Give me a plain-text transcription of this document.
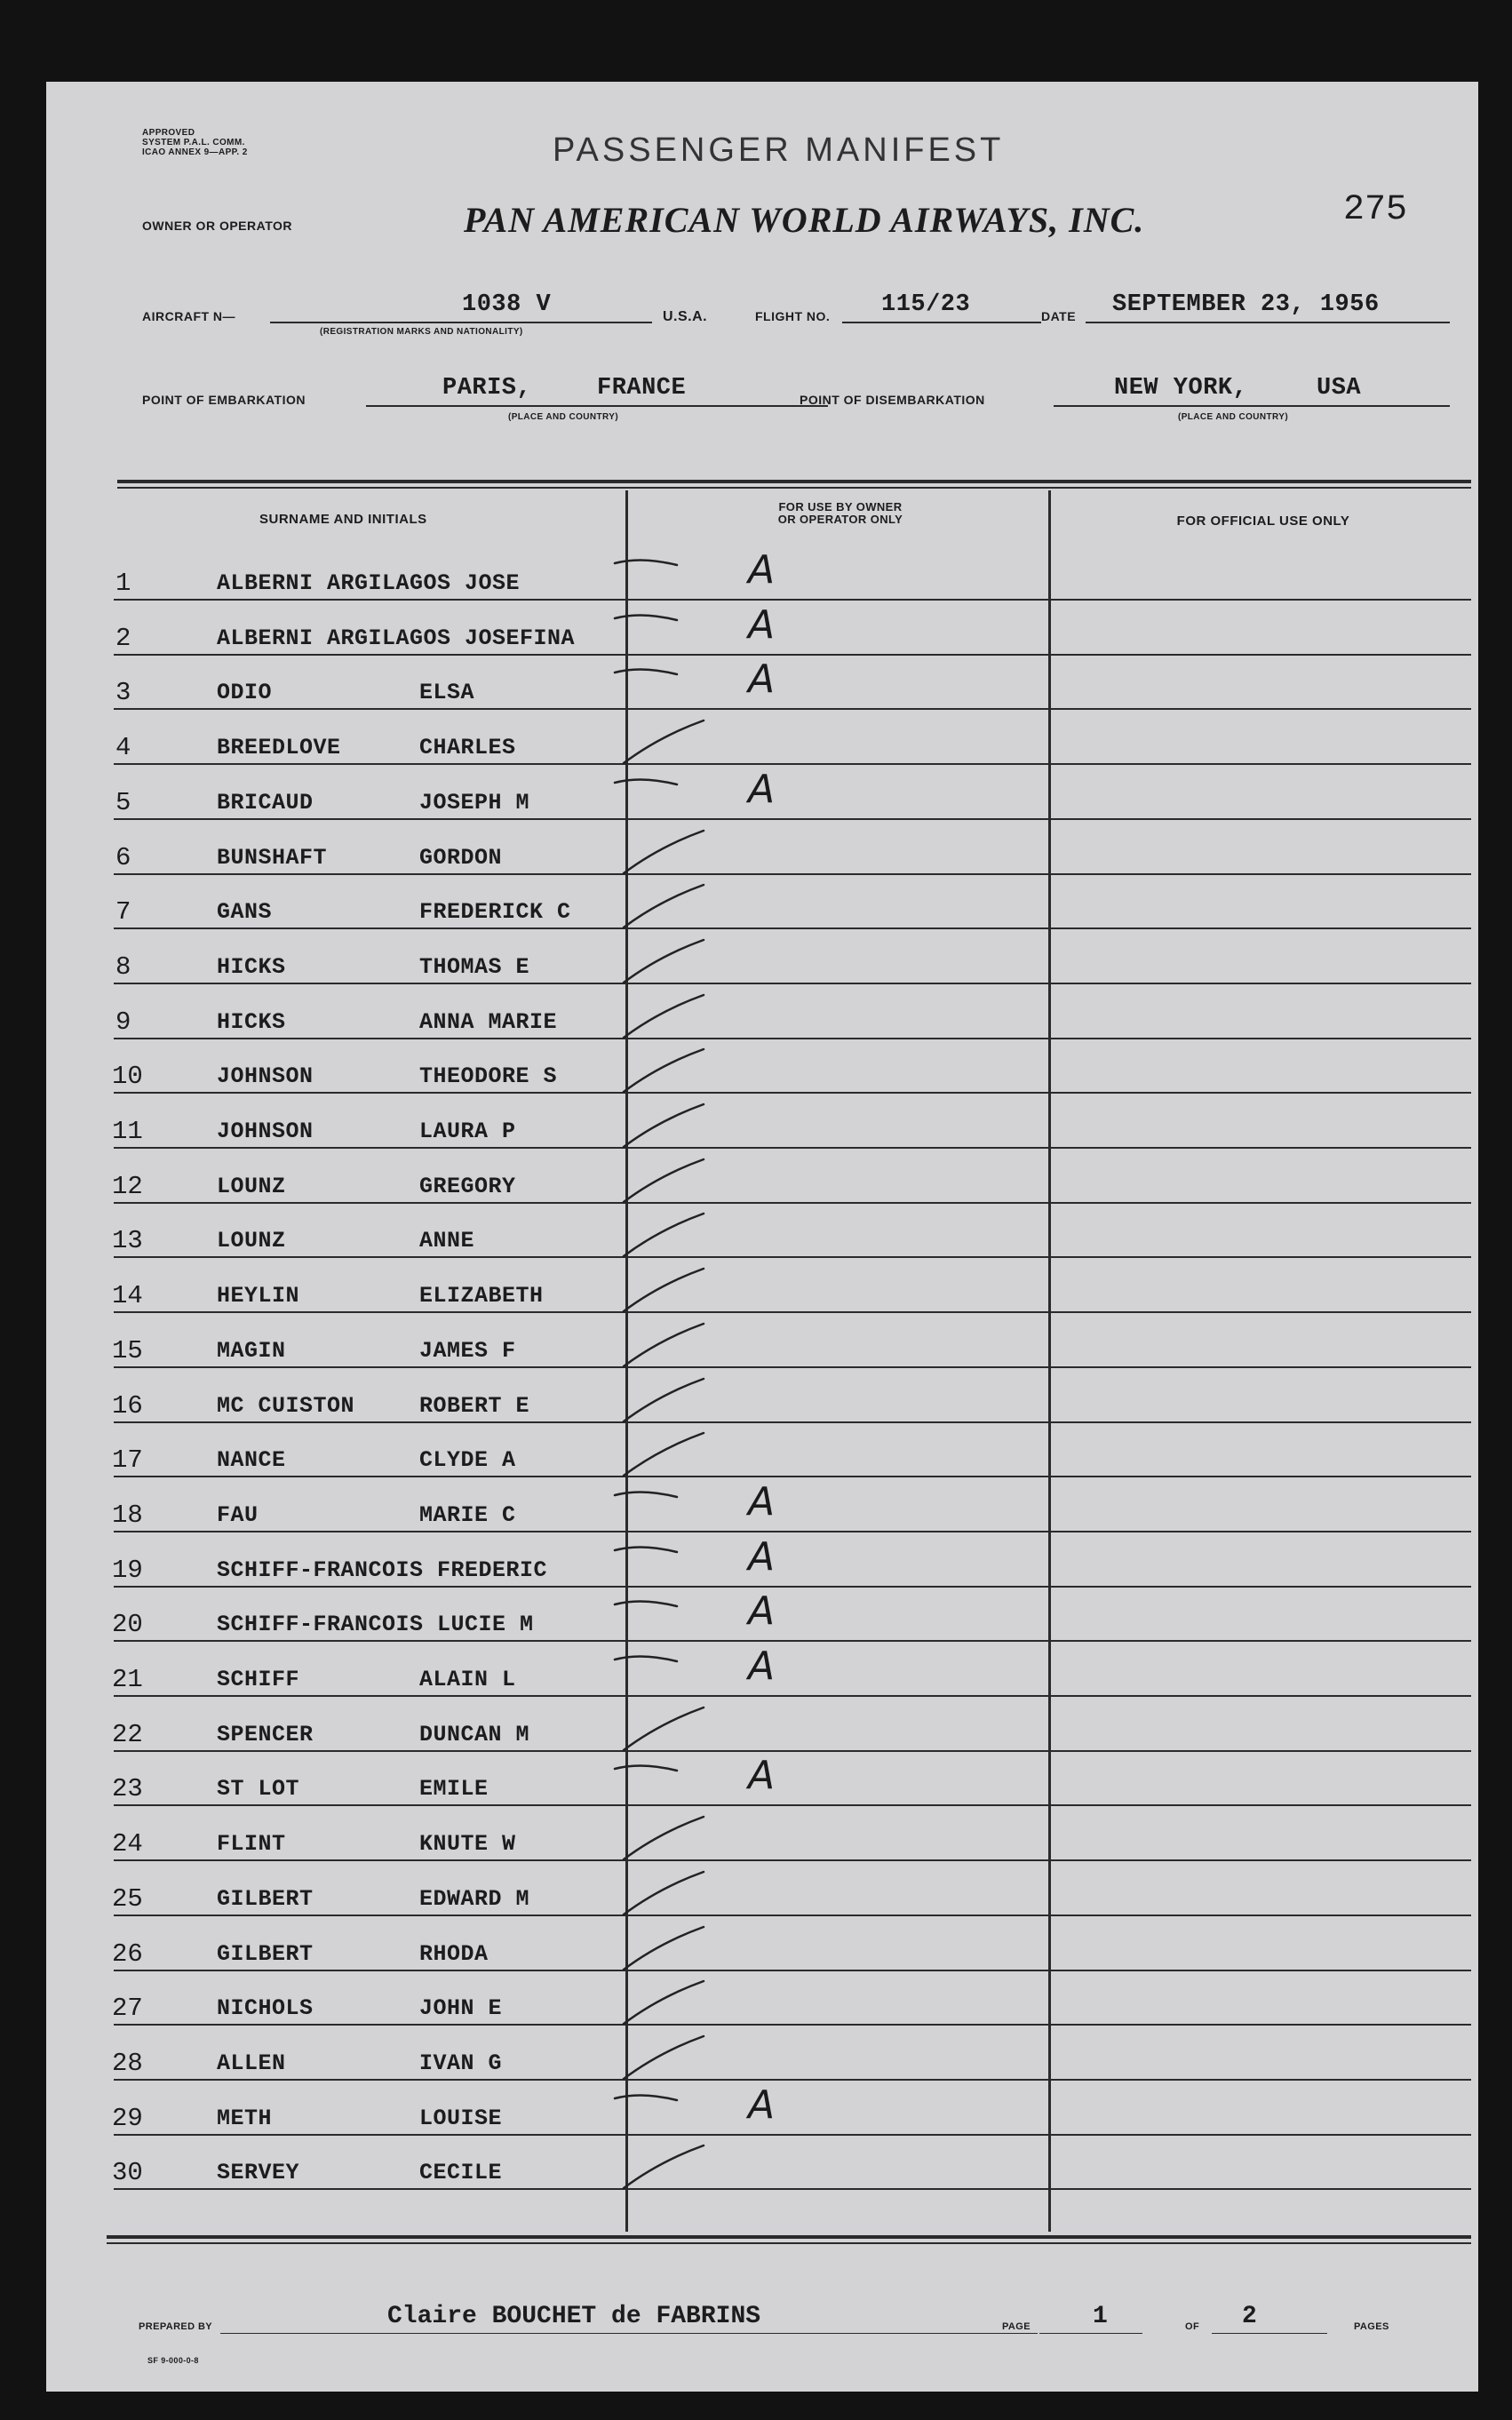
APPROVED
SYSTEM P.A.L. COMM.
ICAO ANNEX 9—APP. 2	PASSENGER MANIFEST
OWNER OR OPERATOR	PAN AMERICAN WORLD AIRWAYS, INC.	275
AIRCRAFT N—	1038 V
(REGISTRATION MARKS AND NATIONALITY)
U.S.A.	FLIGHT NO. 115/23	DATE SEPTEMBER 23, 1956
POINT OF EMBARKATION	PARIS,	FRANCE
(PLACE AND COUNTRY)
POINT OF DISEMBARKATION	NEW YORK,	USA
(PLACE AND COUNTRY)
SURNAME AND INITIALS
FOR USE BY OWNER
OR OPERATOR ONLY	FOR OFFICIAL USE ONLY
1	ALBERNI ARGILAGOS JOSE	A
2	ALBERNI ARGILAGOS JOSEFINA	A
3	ODIO	ELSA	A
4	BREEDLOVE	CHARLES
5	BRICAUD	JOSEPH M	A
6	BUNSHAFT	GORDON
7	GANS	FREDERICK C
8	HICKS	THOMAS E
9	HICKS	ANNA MARIE
10	JOHNSON	THEODORE S
11	JOHNSON	LAURA P
12	LOUNZ	GREGORY
13	LOUNZ	ANNE
14	HEYLIN	ELIZABETH
15	MAGIN	JAMES F
16	MC CUISTON	ROBERT E
17	NANCE	CLYDE A
18	FAU	MARIE C	A
19	SCHIFF-FRANCOIS FREDERIC	A
20	SCHIFF-FRANCOIS LUCIE M	A
21	SCHIFF	ALAIN L	A
22	SPENCER	DUNCAN M
23	ST LOT	EMILE	A
24	FLINT	KNUTE W
25	GILBERT	EDWARD M
26	GILBERT	RHODA
27	NICHOLS	JOHN E
28	ALLEN	IVAN G
29	METH	LOUISE	A
30	SERVEY	CECILE
PREPARED BY	Claire BOUCHET de FABRINS	PAGE	1	OF 2	PAGES
SF 9-000-0-8
